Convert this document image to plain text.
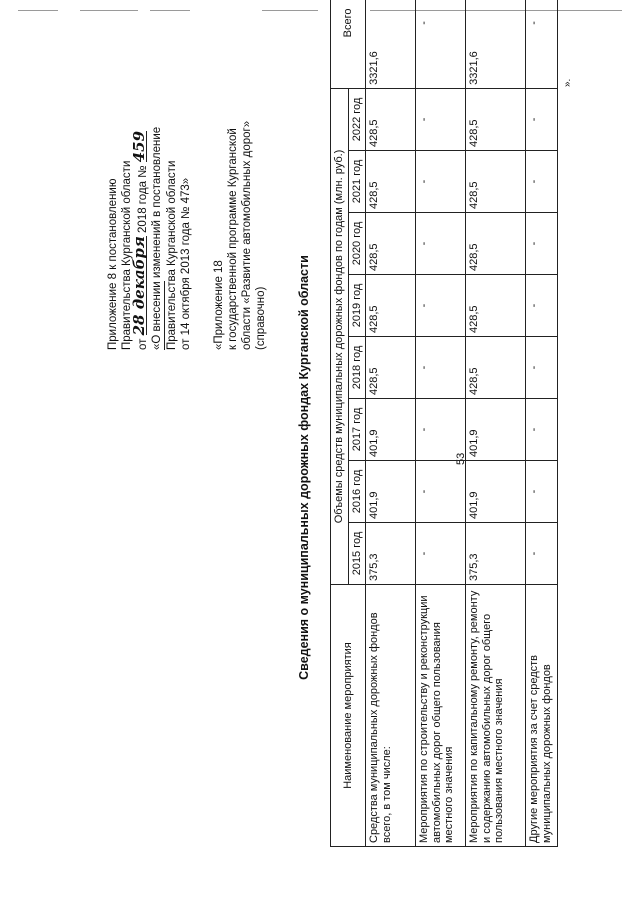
53
Приложение 8 к постановлению Правительства Курганской области от 28 декабря 2018 года № 459
«О внесении изменений в постановление Правительства Курганской области от 14 октября 2013 года № 473» «Приложение 18 к государственной программе Курганской области «Развитие автомобильных дорог» (справочно) Сведения о муниципальных дорожных фондах Курганской области
Наименование мероприятия	Объемы средств муниципальных дорожных фондов по годам (млн. руб.)								Всего
	2015 год	2016 год	2017 год	2018 год	2019 год	2020 год	2021 год	2022 год	
Средства муниципальных дорожных фондов всего, в том числе:	375,3	401,9	401,9	428,5	428,5	428,5	428,5	428,5	3321,6
Мероприятия по строительству и реконструкции автомобильных дорог общего пользования местного значения	-	-	-	-	-	-	-	-	-
Мероприятия по капитальному ремонту, ремонту и содержанию автомобильных дорог общего пользования местного значения	375,3	401,9	401,9	428,5	428,5	428,5	428,5	428,5	3321,6
Другие мероприятия за счет средств муниципальных дорожных фондов	-	-	-	-	-	-	-	-	-
».
